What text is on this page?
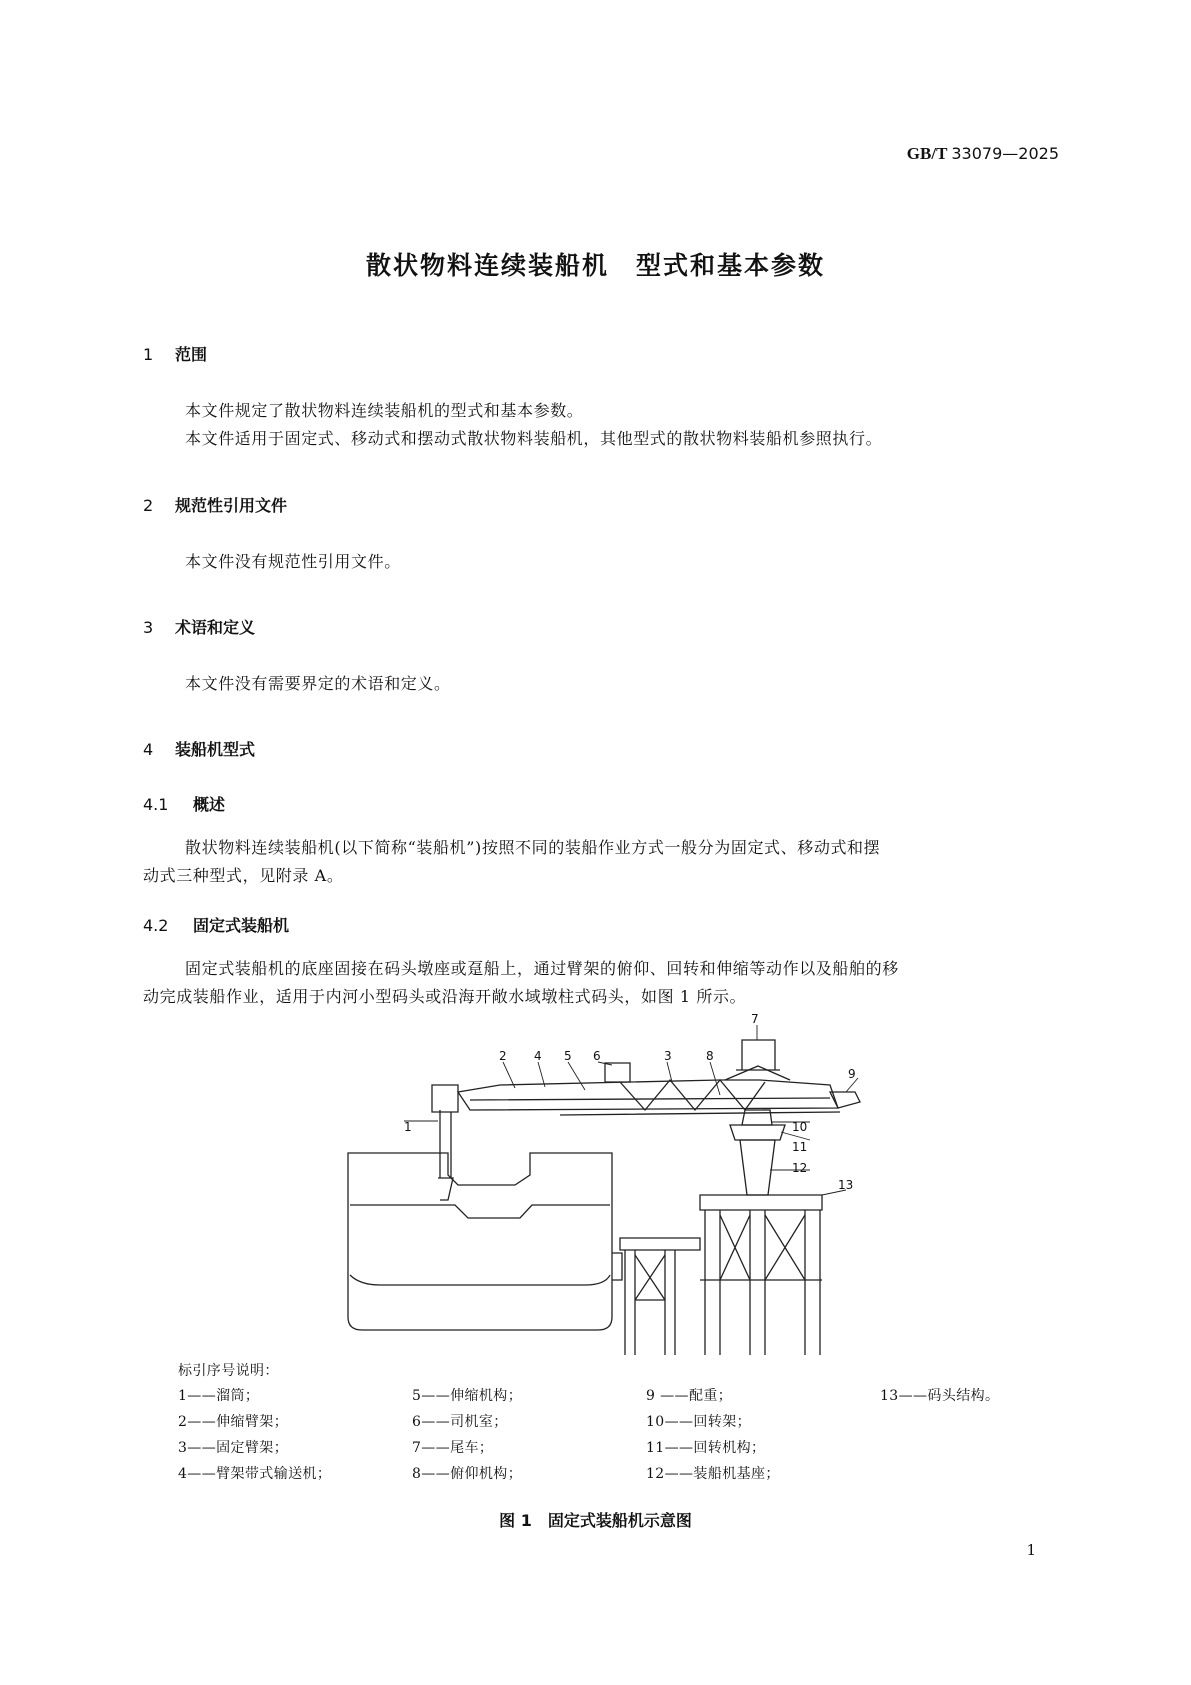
GB/T 33079—2025
散状物料连续装船机　型式和基本参数
1 范围
本文件规定了散状物料连续装船机的型式和基本参数。
本文件适用于固定式、移动式和摆动式散状物料装船机，其他型式的散状物料装船机参照执行。
2 规范性引用文件
本文件没有规范性引用文件。
3 术语和定义
本文件没有需要界定的术语和定义。
4 装船机型式
4.1 概述
散状物料连续装船机(以下简称“装船机”)按照不同的装船作业方式一般分为固定式、移动式和摆
动式三种型式，见附录 A。
4.2 固定式装船机
固定式装船机的底座固接在码头墩座或趸船上，通过臂架的俯仰、回转和伸缩等动作以及船舶的移
动完成装船作业，适用于内河小型码头或沿海开敞水域墩柱式码头，如图 1 所示。
1
2	3
4 5 6
7
8
9
10
11
12
13
标引序号说明：
1——溜筒；	5——伸缩机构；	9 ——配重；	13——码头结构。
2——伸缩臂架；	6——司机室；	10——回转架；
3——固定臂架；	7——尾车；	11——回转机构；
4——臂架带式输送机；	8——俯仰机构；	12——装船机基座；
图 1　固定式装船机示意图
1
